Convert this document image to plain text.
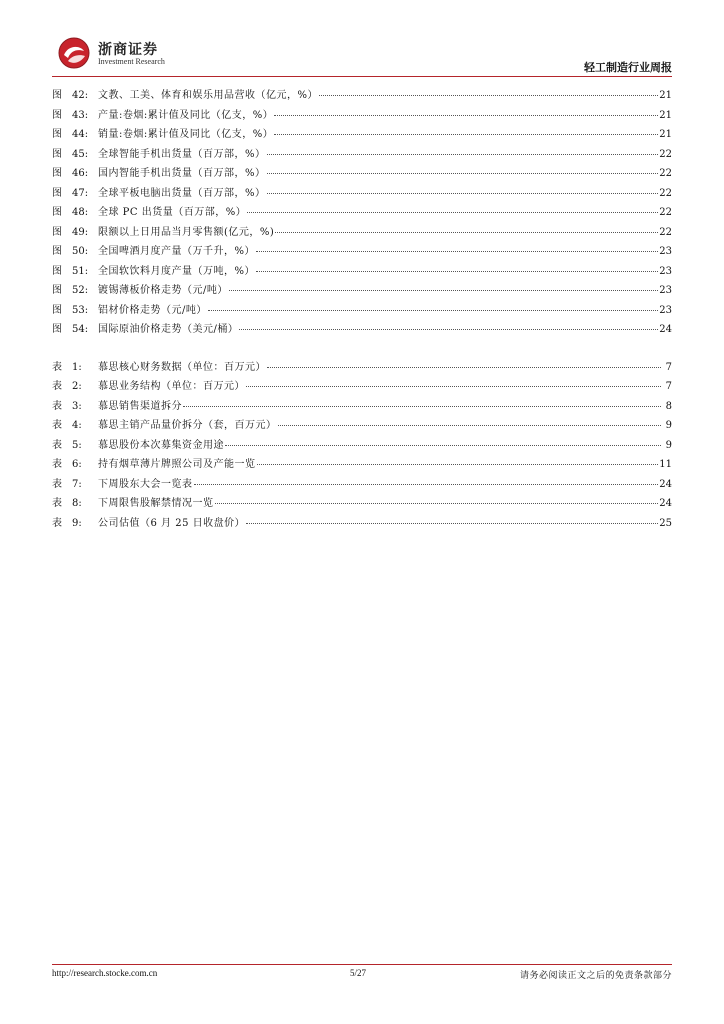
浙商证券
Investment Research	轻工制造行业周报
图	42: 文教、工美、体育和娱乐用品营收（亿元，%）	21
图	43: 产量:卷烟:累计值及同比（亿支，%）	21
图	44: 销量:卷烟:累计值及同比（亿支，%）	21
图	45: 全球智能手机出货量（百万部，%）	22
图	46: 国内智能手机出货量（百万部，%）	22
图	47: 全球平板电脑出货量（百万部，%）	22
图	48: 全球 PC 出货量（百万部，%）	22
图	49: 限额以上日用品当月零售额(亿元，%)	22
图	50: 全国啤酒月度产量（万千升，%）	23
图	51: 全国软饮料月度产量（万吨，%）	23
图	52: 镀锡薄板价格走势（元/吨）	23
图	53: 铝材价格走势（元/吨）	23
图	54: 国际原油价格走势（美元/桶）	24
表	1:	慕思核心财务数据（单位：百万元）	7
表	2:	慕思业务结构（单位：百万元）	7
表	3:	慕思销售渠道拆分	8
表	4:	慕思主销产品量价拆分（套，百万元）	9
表	5:	慕思股份本次募集资金用途	9
表	6:	持有烟草薄片牌照公司及产能一览	11
表	7:	下周股东大会一览表	24
表	8:	下周限售股解禁情况一览	24
表	9:	公司估值（6 月 25 日收盘价）	25
http://research.stocke.com.cn	5/27	请务必阅读正文之后的免责条款部分
